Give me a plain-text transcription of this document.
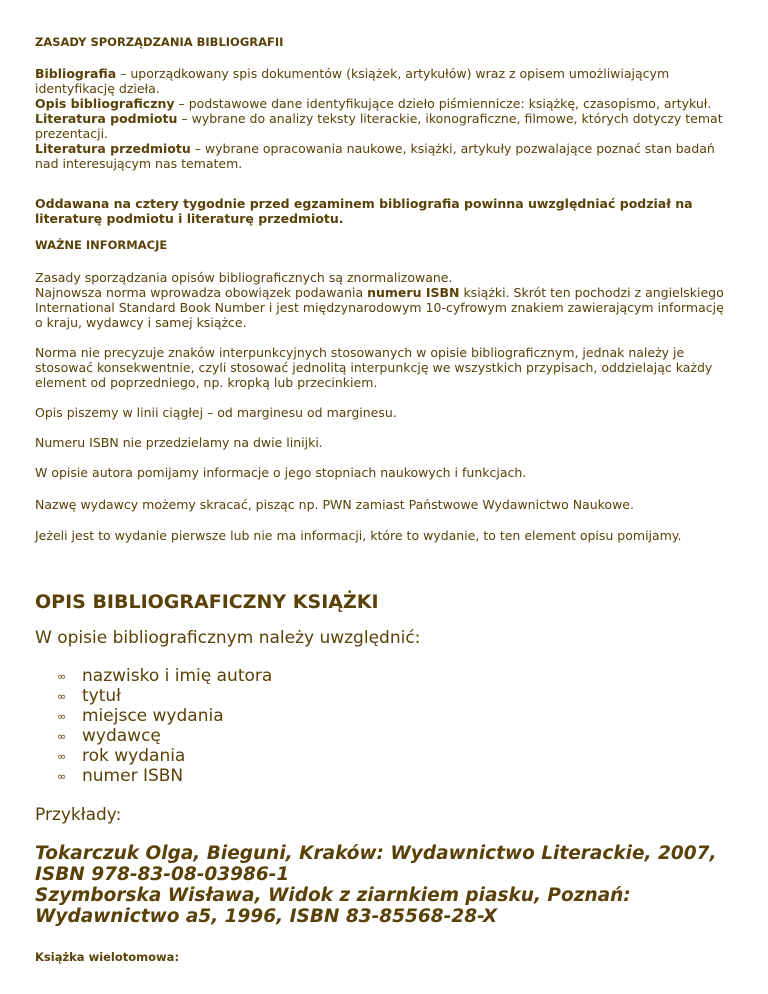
ZASADY SPORZĄDZANIA BIBLIOGRAFII

Bibliografia – uporządkowany spis dokumentów (książek, artykułów) wraz z opisem umożliwiającym identyfikację dzieła.

Opis bibliograficzny – podstawowe dane identyfikujące dzieło piśmiennicze: książkę, czasopismo, artykuł.

Literatura podmiotu – wybrane do analizy teksty literackie, ikonograficzne, filmowe, których dotyczy temat prezentacji.

Literatura przedmiotu – wybrane opracowania naukowe, książki, artykuły pozwalające poznać stan badań nad interesującym nas tematem.

Oddawana na cztery tygodnie przed egzaminem bibliografia powinna uwzględniać podział na literaturę podmiotu i literaturę przedmiotu.

WAŻNE INFORMACJE

Zasady sporządzania opisów bibliograficznych są znormalizowane.

Najnowsza norma wprowadza obowiązek podawania numeru ISBN książki. Skrót ten pochodzi z angielskiego International Standard Book Number i jest międzynarodowym 10-cyfrowym znakiem zawierającym informację o kraju, wydawcy i samej książce.

Norma nie precyzuje znaków interpunkcyjnych stosowanych w opisie bibliograficznym, jednak należy je stosować konsekwentnie, czyli stosować jednolitą interpunkcję we wszystkich przypisach, oddzielając każdy element od poprzedniego, np. kropką lub przecinkiem.

Opis piszemy w linii ciągłej – od marginesu od marginesu.

Numeru ISBN nie przedzielamy na dwie linijki.

W opisie autora pomijamy informacje o jego stopniach naukowych i funkcjach.

Nazwę wydawcy możemy skracać, pisząc np. PWN zamiast Państwowe Wydawnictwo Naukowe.

Jeżeli jest to wydanie pierwsze lub nie ma informacji, które to wydanie, to ten element opisu pomijamy.

OPIS BIBLIOGRAFICZNY KSIĄŻKI
W opisie bibliograficznym należy uwzględnić:
∞ nazwisko i imię autora
∞ tytuł
∞ miejsce wydania
∞ wydawcę
∞ rok wydania
∞ numer ISBN
Przykłady:

Tokarczuk Olga, Bieguni, Kraków: Wydawnictwo Literackie, 2007, ISBN 978-83-08-03986-1

Szymborska Wisława, Widok z ziarnkiem piasku, Poznań: Wydawnictwo a5, 1996, ISBN 83-85568-28-X

Książka wielotomowa:
